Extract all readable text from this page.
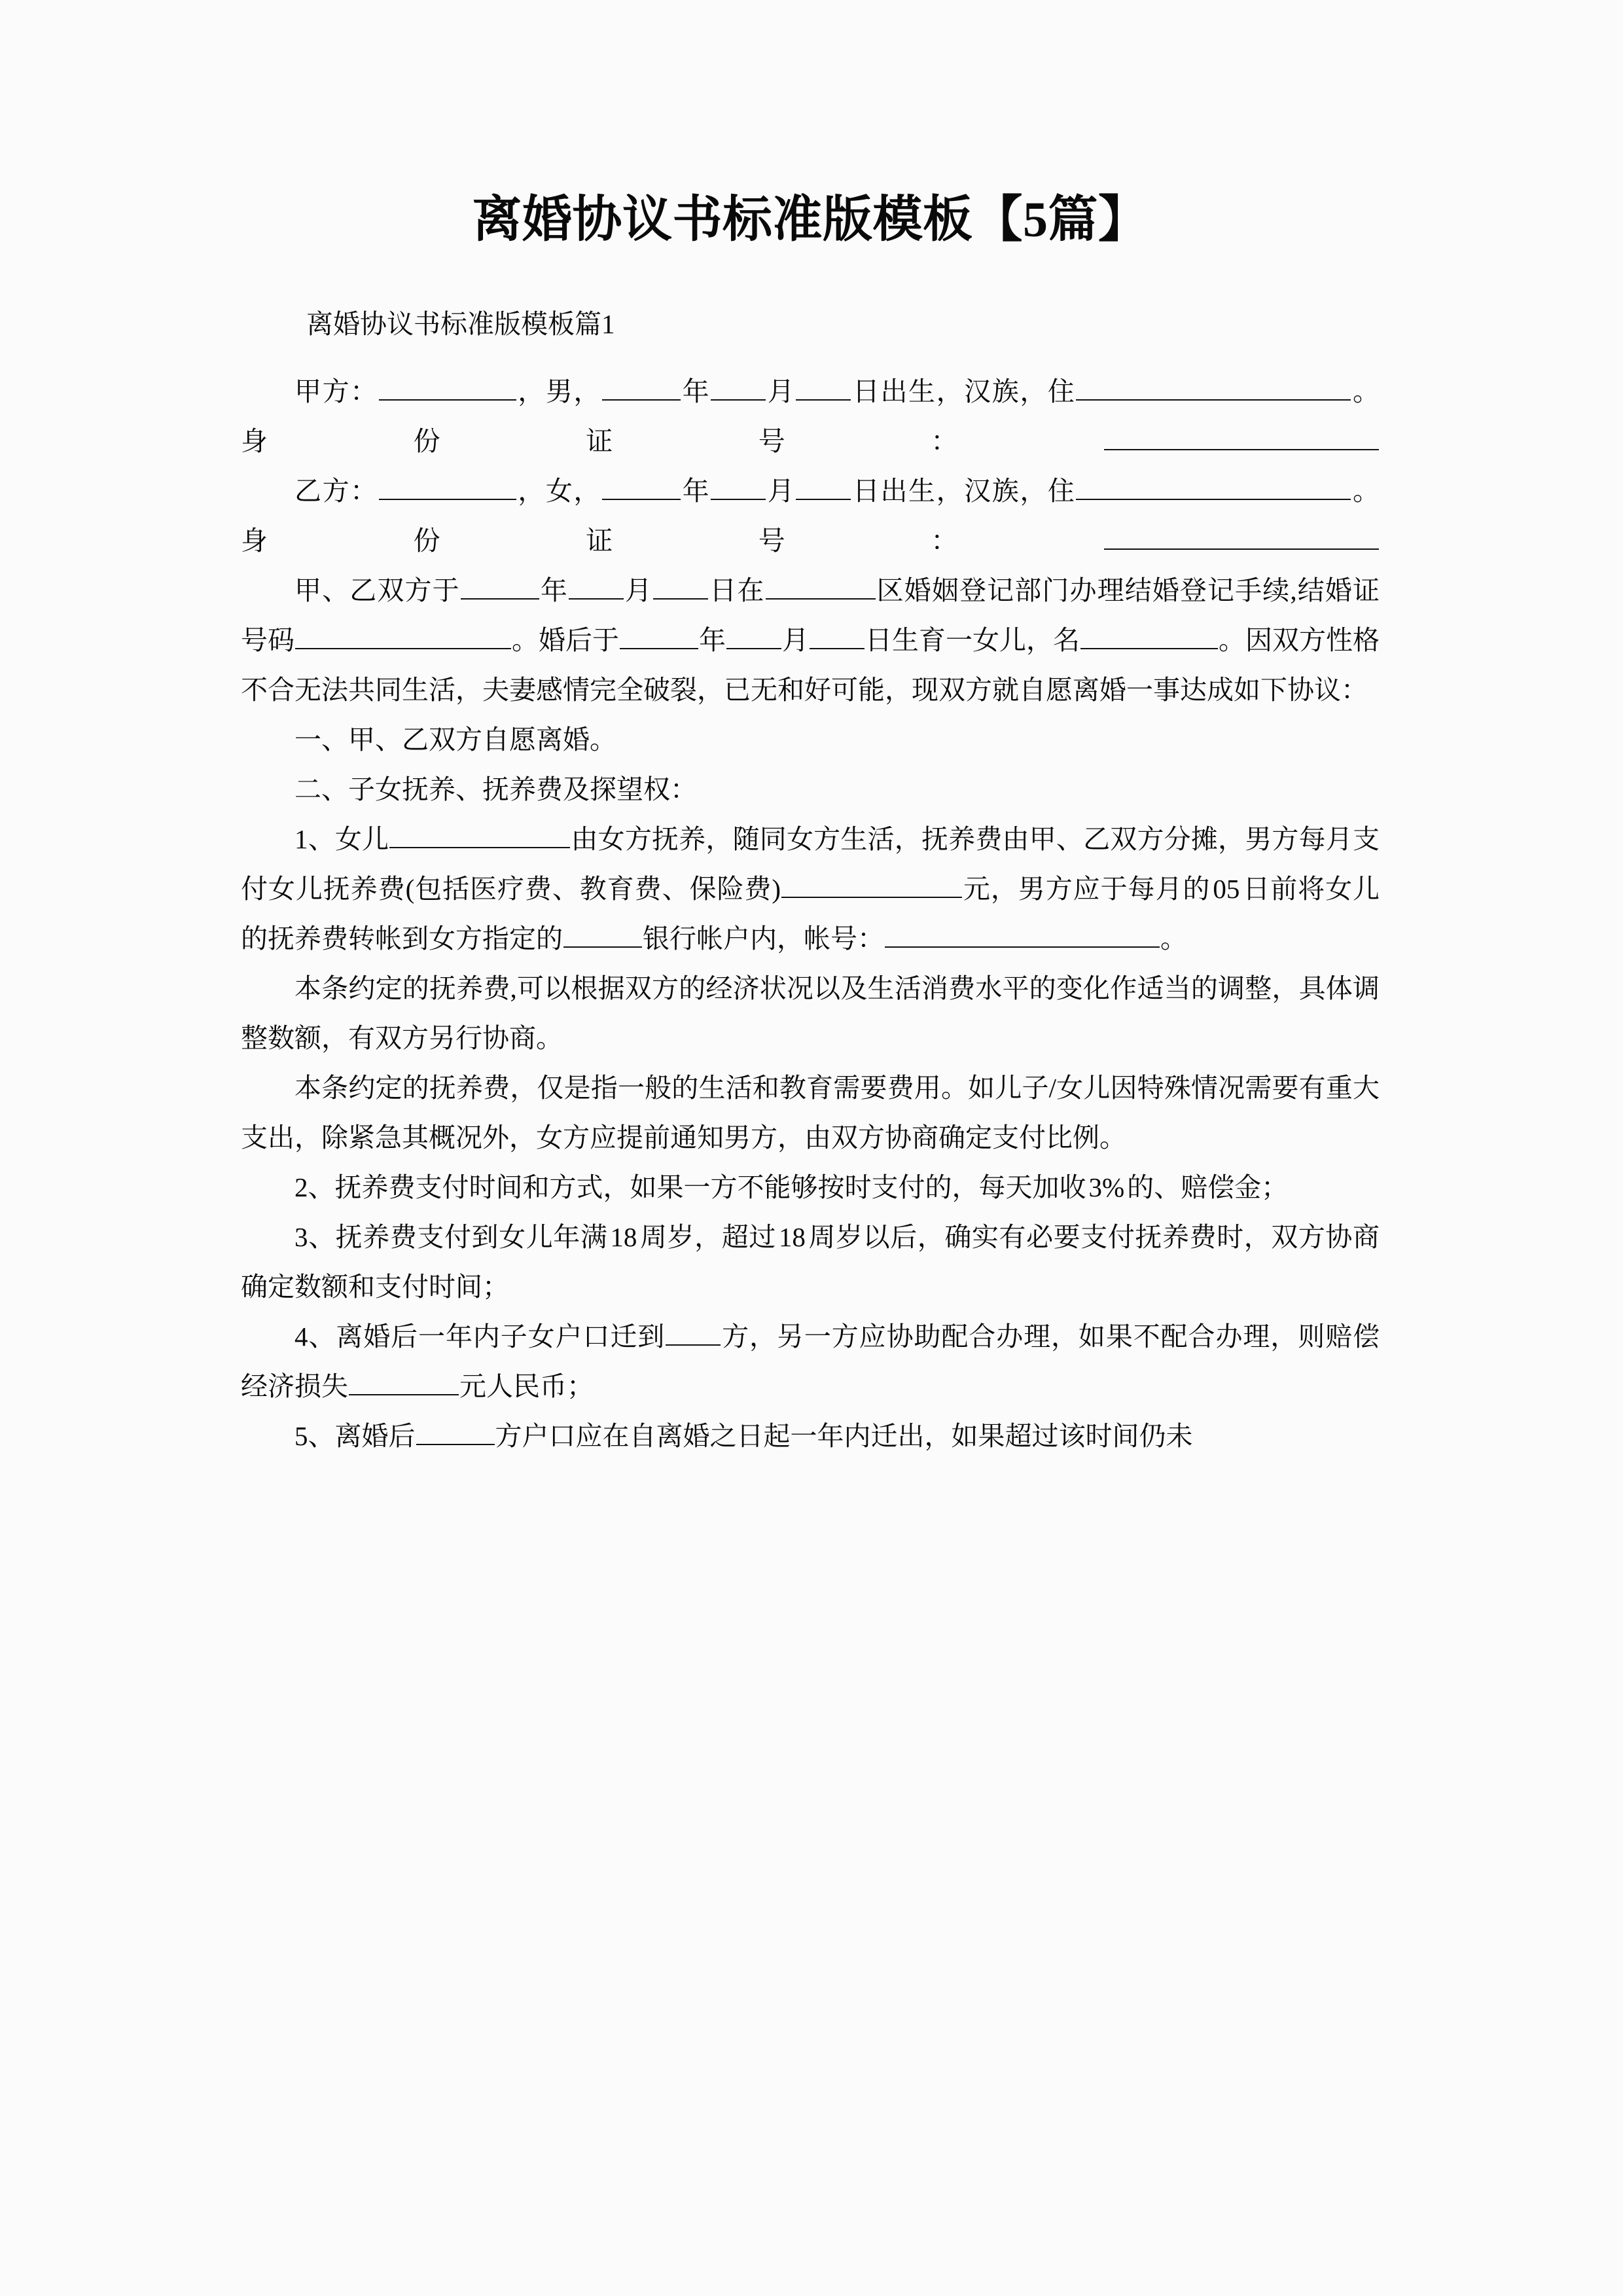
离婚协议书标准版模板【5篇】

离婚协议书标准版模板篇1

甲方：	，男，	年 月 日出生，汉族，住	。身份证号：

乙方：	，女，	年 月 日出生，汉族，住	。身份证号：

甲、乙双方于	年 月 日在	区婚姻登记部门办理结婚登记手续,结婚证号码	。婚后于	年 月 日生育一女儿，名	。因双方性格不合无法共同生活，夫妻感情完全破裂，已无和好可能，现双方就自愿离婚一事达成如下协议：

一、甲、乙双方自愿离婚。

二、子女抚养、抚养费及探望权：

1、女儿	由女方抚养，随同女方生活，抚养费由甲、乙双方分摊，男方每月支付女儿抚养费(包括医疗费、教育费、保险费)	元，男方应于每月的05日前将女儿的抚养费转帐到女方指定的	银行帐户内，帐号：	。

本条约定的抚养费,可以根据双方的经济状况以及生活消费水平的变化作适当的调整，具体调整数额，有双方另行协商。

本条约定的抚养费，仅是指一般的生活和教育需要费用。如儿子/女儿因特殊情况需要有重大支出，除紧急其概况外，女方应提前通知男方，由双方协商确定支付比例。

2、抚养费支付时间和方式，如果一方不能够按时支付的，每天加收3%的、赔偿金；

3、抚养费支付到女儿年满18周岁，超过18周岁以后，确实有必要支付抚养费时，双方协商确定数额和支付时间；

4、离婚后一年内子女户口迁到 方，另一方应协助配合办理，如果不配合办理，则赔偿经济损失	元人民币；

5、离婚后	方户口应在自离婚之日起一年内迁出，如果超过该时间仍未
